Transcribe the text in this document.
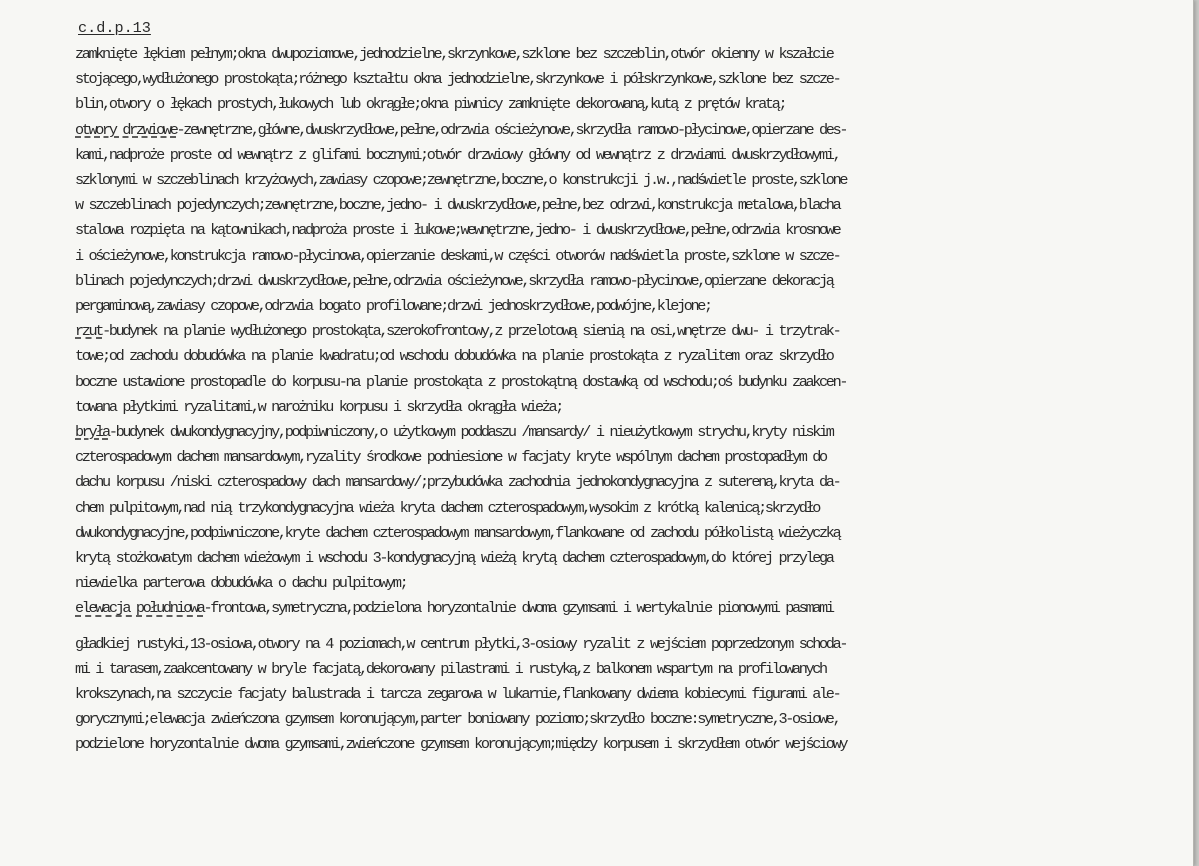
c.d.p.13

zamknięte łękiem pełnym;okna dwupoziomowe,jednodzielne,skrzynkowe,szklone bez szczeblin,otwór okienny w kszałcie
stojącego,wydłużonego prostokąta;różnego kształtu okna jednodzielne,skrzynkowe i półskrzynkowe,szklone bez szcze-
blin,otwory o łękach prostych,łukowych lub okrągłe;okna piwnicy zamknięte dekorowaną,kutą z prętów kratą;
otwory drzwiowe-zewnętrzne,główne,dwuskrzydłowe,pełne,odrzwia ościeżynowe,skrzydła ramowo-płycinowe,opierzane des-
kami,nadproże proste od wewnątrz z glifami bocznymi;otwór drzwiowy główny od wewnątrz z drzwiami dwuskrzydłowymi,
szklonymi w szczeblinach krzyżowych,zawiasy czopowe;zewnętrzne,boczne,o konstrukcji j.w.,nadświetle proste,szklone
w szczeblinach pojedynczych;zewnętrzne,boczne,jedno- i dwuskrzydłowe,pełne,bez odrzwi,konstrukcja metalowa,blacha
stalowa rozpięta na kątownikach,nadproża proste i łukowe;wewnętrzne,jedno- i dwuskrzydłowe,pełne,odrzwia krosnowe
i ościeżynowe,konstrukcja ramowo-płycinowa,opierzanie deskami,w części otworów nadświetla proste,szklone w szcze-
blinach pojedynczych;drzwi dwuskrzydłowe,pełne,odrzwia ościeżynowe,skrzydła ramowo-płycinowe,opierzane dekoracją
pergaminową,zawiasy czopowe,odrzwia bogato profilowane;drzwi jednoskrzydłowe,podwójne,klejone;
rzut-budynek na planie wydłużonego prostokąta,szerokofrontowy,z przelotową sienią na osi,wnętrze dwu- i trzytrak-
towe;od zachodu dobudówka na planie kwadratu;od wschodu dobudówka na planie prostokąta z ryzalitem oraz skrzydło
boczne ustawione prostopadle do korpusu-na planie prostokąta z prostokątną dostawką od wschodu;oś budynku zaakcen-
towana płytkimi ryzalitami,w narożniku korpusu i skrzydła okrągła wieża;
bryła-budynek dwukondygnacyjny,podpiwniczony,o użytkowym poddaszu /mansardy/ i nieużytkowym strychu,kryty niskim
czterospadowym dachem mansardowym,ryzality środkowe podniesione w facjaty kryte wspólnym dachem prostopadłym do
dachu korpusu /niski czterospadowy dach mansardowy/;przybudówka zachodnia jednokondygnacyjna z sutereną,kryta da-
chem pulpitowym,nad nią trzykondygnacyjna wieża kryta dachem czterospadowym,wysokim z krótką kalenicą;skrzydło
dwukondygnacyjne,podpiwniczone,kryte dachem czterospadowym mansardowym,flankowane od zachodu półkolistą wieżyczką
krytą stożkowatym dachem wieżowym i wschodu 3-kondygnacyjną wieżą krytą dachem czterospadowym,do której przylega
niewielka parterowa dobudówka o dachu pulpitowym;
elewacja południowa-frontowa,symetryczna,podzielona horyzontalnie dwoma gzymsami i wertykalnie pionowymi pasmami
gładkiej rustyki,13-osiowa,otwory na 4 poziomach,w centrum płytki,3-osiowy ryzalit z wejściem poprzedzonym schoda-
mi i tarasem,zaakcentowany w bryle facjatą,dekorowany pilastrami i rustyką,z balkonem wspartym na profilowanych
krokszynach,na szczycie facjaty balustrada i tarcza zegarowa w lukarnie,flankowany dwiema kobiecymi figurami ale-
gorycznymi;elewacja zwieńczona gzymsem koronującym,parter boniowany poziomo;skrzydło boczne:symetryczne,3-osiowe,
podzielone horyzontalnie dwoma gzymsami,zwieńczone gzymsem koronującym;między korpusem i skrzydłem otwór wejściowy
